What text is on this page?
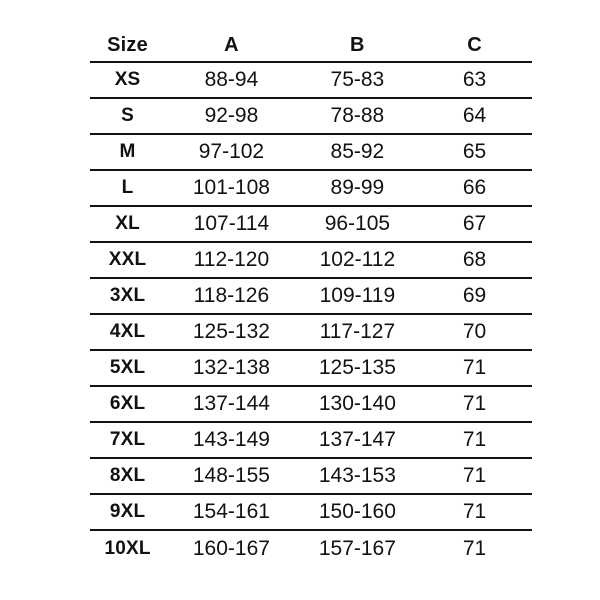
Size	A	B	C
XS	88-94	75-83	63
S	92-98	78-88	64
M	97-102	85-92	65
L	101-108	89-99	66
XL	107-114	96-105	67
XXL	112-120	102-112	68
3XL	118-126	109-119	69
4XL	125-132	117-127	70
5XL	132-138	125-135	71
6XL	137-144	130-140	71
7XL	143-149	137-147	71
8XL	148-155	143-153	71
9XL	154-161	150-160	71
10XL	160-167	157-167	71
